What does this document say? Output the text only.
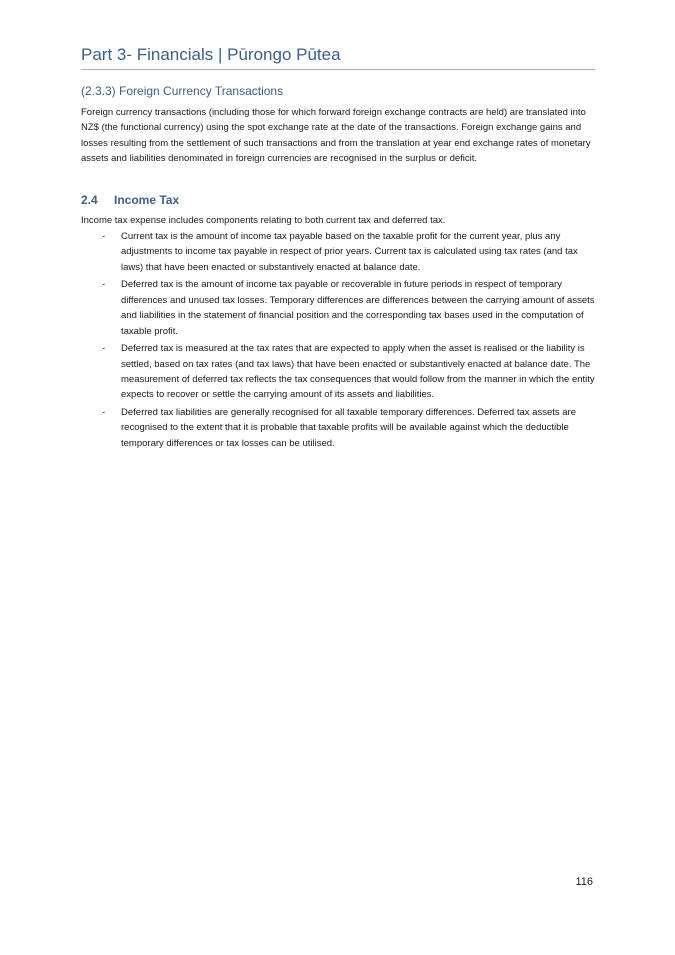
Part 3- Financials | Pūrongo Pūtea
(2.3.3) Foreign Currency Transactions

Foreign currency transactions (including those for which forward foreign exchange contracts are held) are translated into NZ$ (the functional currency) using the spot exchange rate at the date of the transactions. Foreign exchange gains and losses resulting from the settlement of such transactions and from the translation at year end exchange rates of monetary assets and liabilities denominated in foreign currencies are recognised in the surplus or deficit.

2.4 Income Tax

Income tax expense includes components relating to both current tax and deferred tax.

- Current tax is the amount of income tax payable based on the taxable profit for the current year, plus any adjustments to income tax payable in respect of prior years. Current tax is calculated using tax rates (and tax laws) that have been enacted or substantively enacted at balance date.
- Deferred tax is the amount of income tax payable or recoverable in future periods in respect of temporary differences and unused tax losses. Temporary differences are differences between the carrying amount of assets and liabilities in the statement of financial position and the corresponding tax bases used in the computation of taxable profit.
- Deferred tax is measured at the tax rates that are expected to apply when the asset is realised or the liability is settled, based on tax rates (and tax laws) that have been enacted or substantively enacted at balance date. The measurement of deferred tax reflects the tax consequences that would follow from the manner in which the entity expects to recover or settle the carrying amount of its assets and liabilities.
- Deferred tax liabilities are generally recognised for all taxable temporary differences. Deferred tax assets are recognised to the extent that it is probable that taxable profits will be available against which the deductible temporary differences or tax losses can be utilised.
116
